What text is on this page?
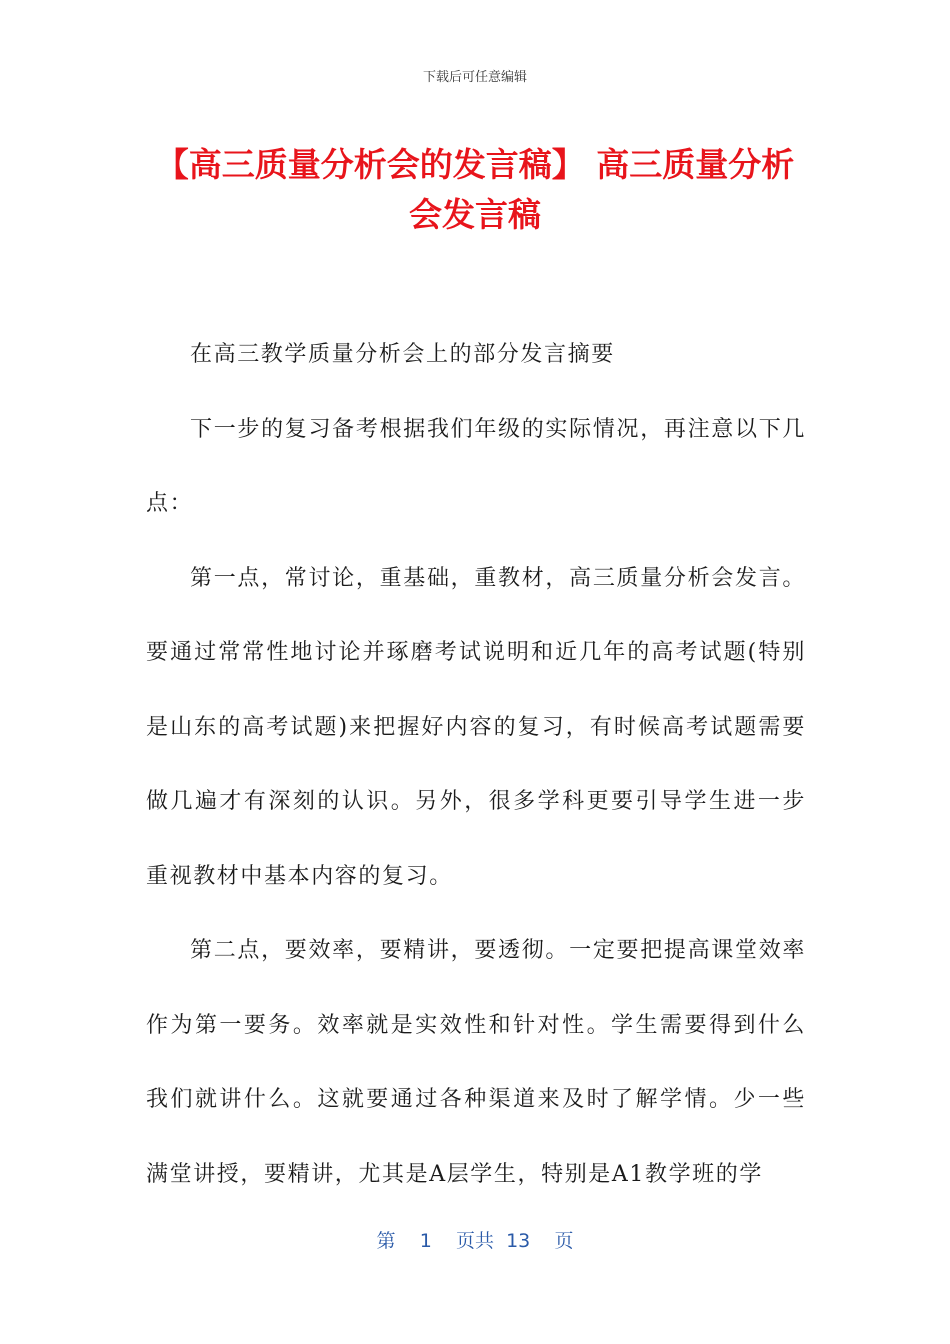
下载后可任意编辑
【高三质量分析会的发言稿】 高三质量分析会发言稿

在高三教学质量分析会上的部分发言摘要

下一步的复习备考根据我们年级的实际情况，再注意以下几点：

第一点，常讨论，重基础，重教材，高三质量分析会发言。要通过常常性地讨论并琢磨考试说明和近几年的高考试题(特别是山东的高考试题)来把握好内容的复习，有时候高考试题需要做几遍才有深刻的认识。另外，很多学科更要引导学生进一步重视教材中基本内容的复习。

第二点，要效率，要精讲，要透彻。一定要把提高课堂效率作为第一要务。效率就是实效性和针对性。学生需要得到什么我们就讲什么。这就要通过各种渠道来及时了解学情。少一些满堂讲授，要精讲，尤其是A层学生，特别是A1教学班的学

第 1 页共 13 页
